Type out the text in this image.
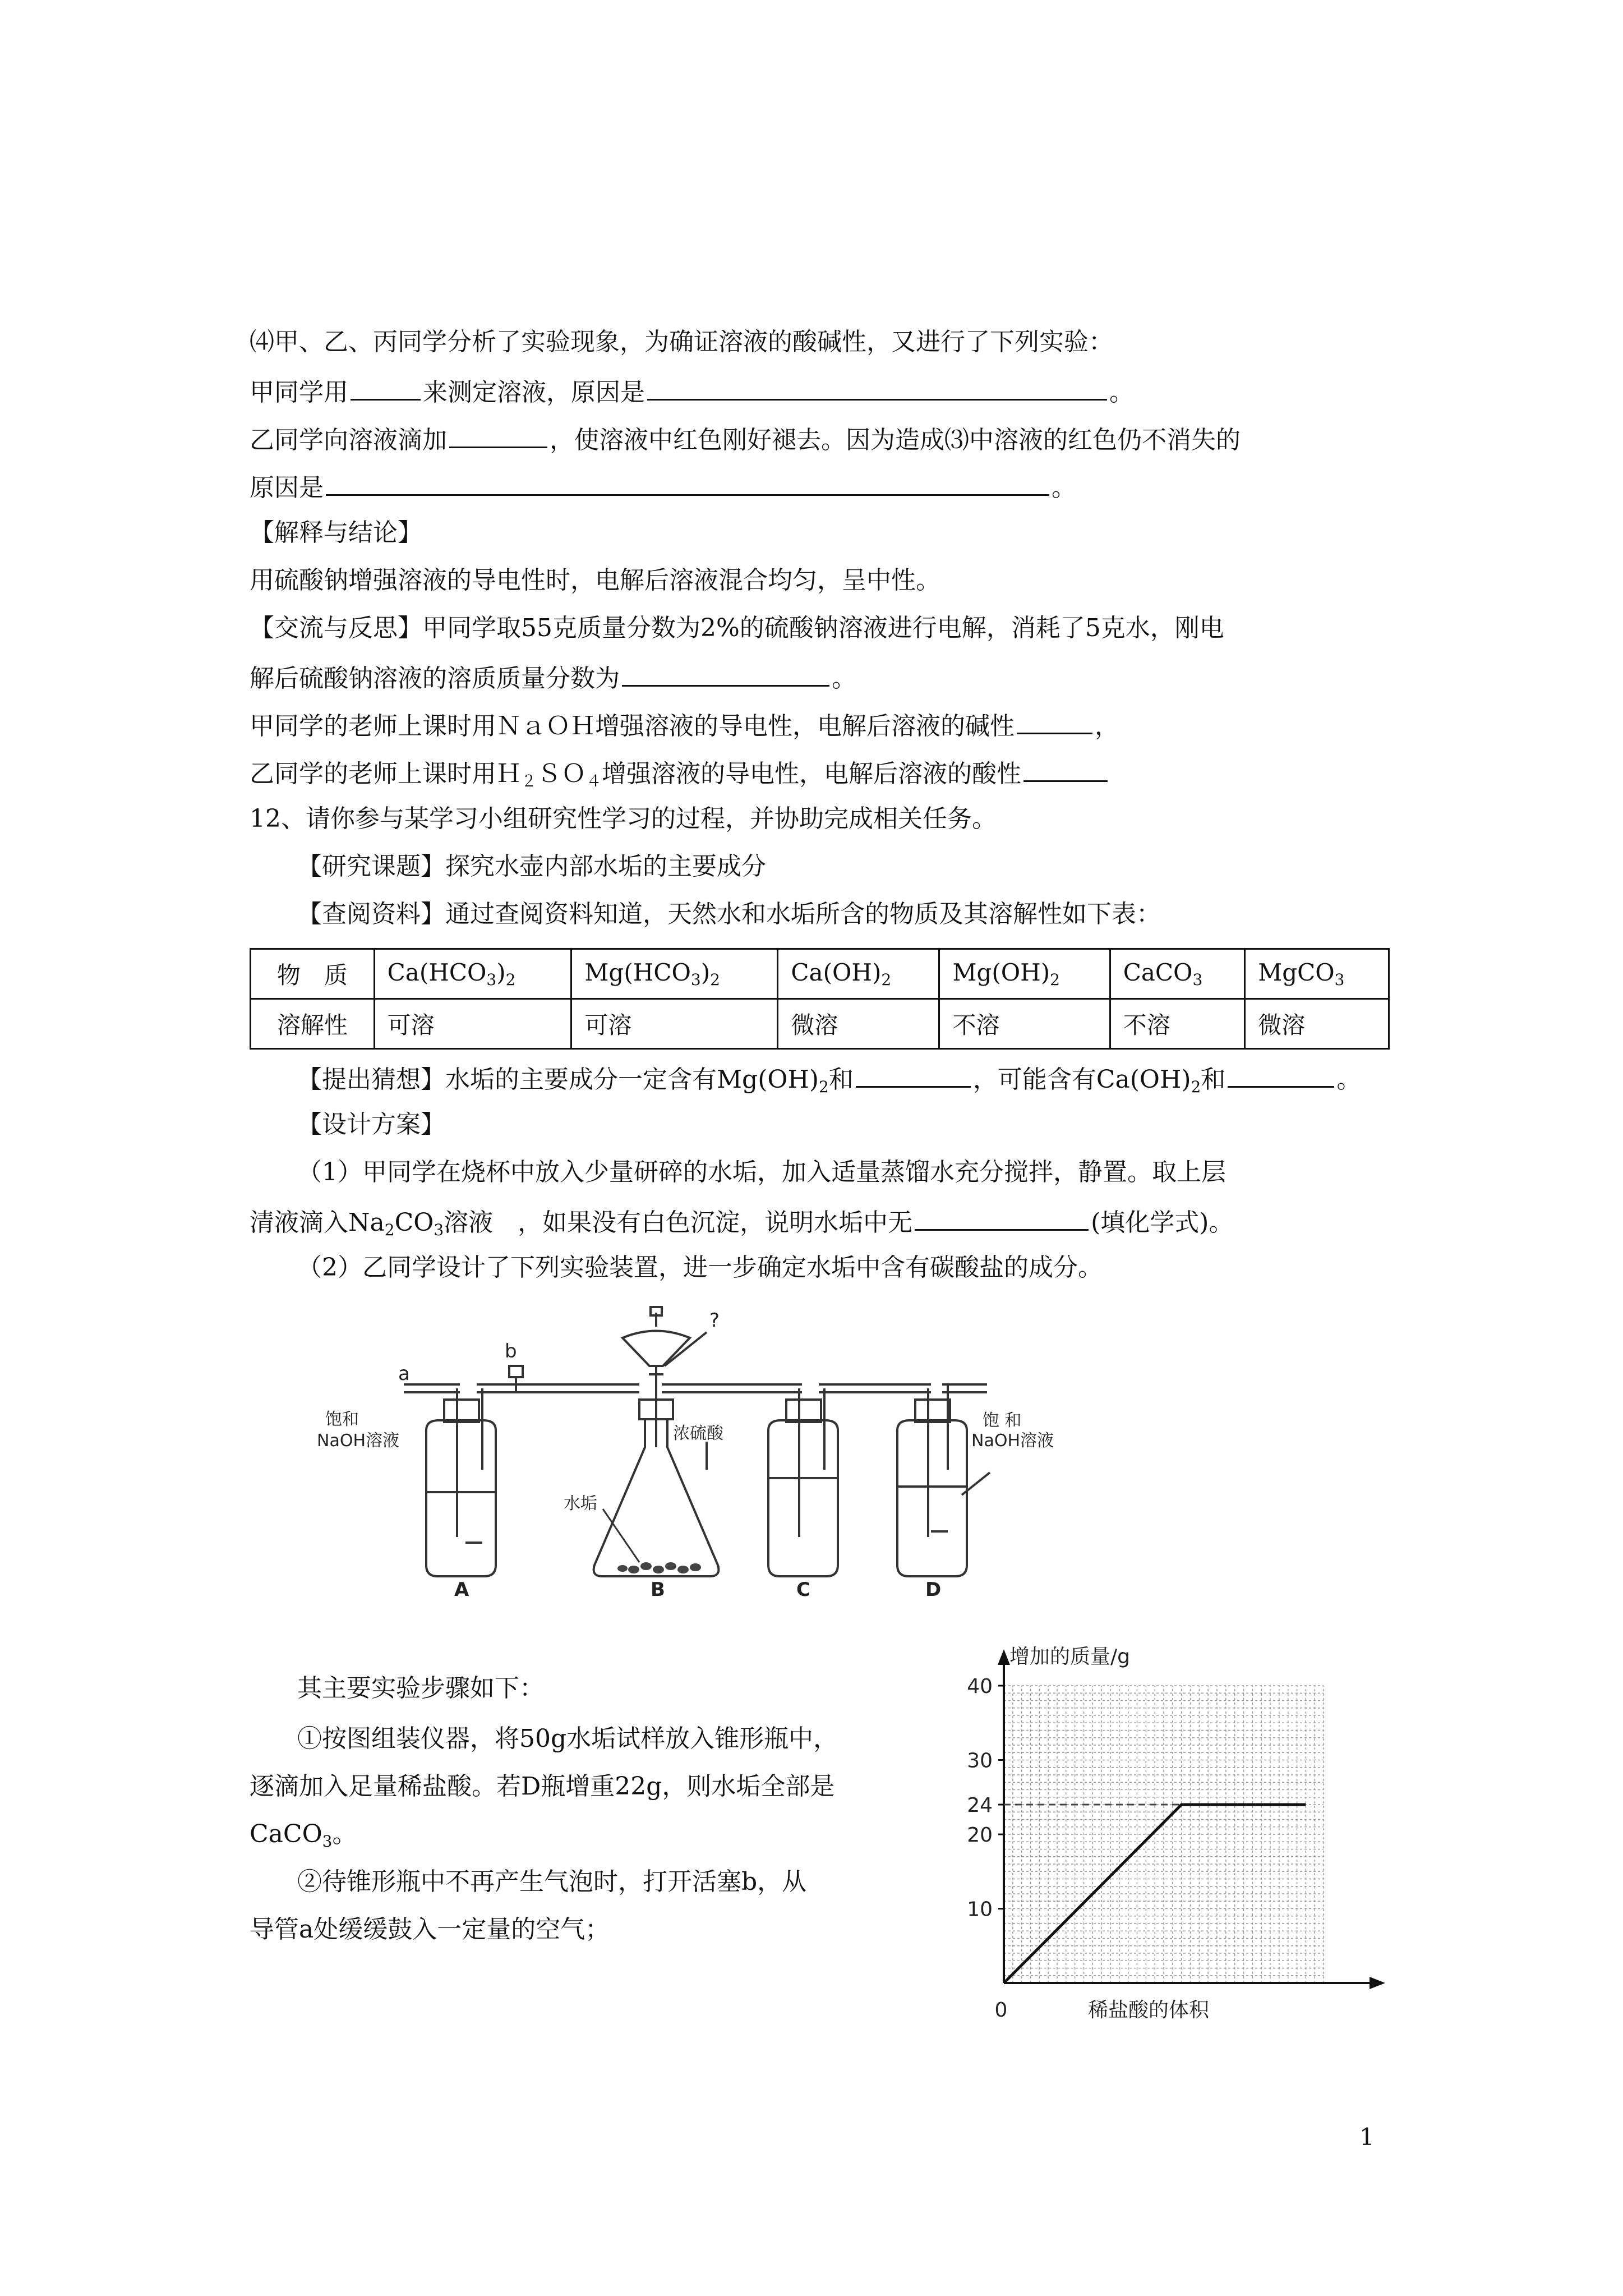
⑷甲、乙、丙同学分析了实验现象，为确证溶液的酸碱性，又进行了下列实验：
甲同学用	来测定溶液，原因是	。
乙同学向溶液滴加	，使溶液中红色刚好褪去。因为造成⑶中溶液的红色仍不消失的
原因是	。
【解释与结论】
用硫酸钠增强溶液的导电性时，电解后溶液混合均匀，呈中性。
【交流与反思】甲同学取55克质量分数为2%的硫酸钠溶液进行电解，消耗了5克水，刚电
解后硫酸钠溶液的溶质质量分数为	。
甲同学的老师上课时用ＮａＯＨ增强溶液的导电性，电解后溶液的碱性	，
乙同学的老师上课时用Ｈ$_2$ＳＯ$_4$增强溶液的导电性，电解后溶液的酸性
12、请你参与某学习小组研究性学习的过程，并协助完成相关任务。
【研究课题】探究水壶内部水垢的主要成分
【查阅资料】通过查阅资料知道，天然水和水垢所含的物质及其溶解性如下表：
物　质	$Ca(HCO_3)_2$	$Mg(HCO_3)_2$	$Ca(OH)_2$	$Mg(OH)_2$	CaCO$_3$	MgCO$_3$
溶解性	可溶	可溶	微溶	不溶	不溶	微溶
【提出猜想】水垢的主要成分一定含有$Mg(OH)_2$和	，可能含有$Ca(OH)_2$和	。
【设计方案】
（1）甲同学在烧杯中放入少量研碎的水垢，加入适量蒸馏水充分搅拌，静置。取上层
清液滴入$Na_2CO_3$溶液　，如果没有白色沉淀，说明水垢中无	(填化学式)。
（2）乙同学设计了下列实验装置，进一步确定水垢中含有碳酸盐的成分。
a
b
?
饱和
NaOH溶液
水垢
浓硫酸
饱 和
NaOH溶液
A	B	C	D
其主要实验步骤如下：
①按图组装仪器，将50g水垢试样放入锥形瓶中，
逐滴加入足量稀盐酸。若D瓶增重22g，则水垢全部是
CaCO$_3$。
②待锥形瓶中不再产生气泡时，打开活塞b，从
导管a处缓缓鼓入一定量的空气；
10
20
24
30
40
增加的质量/g
稀盐酸的体积
0
1
